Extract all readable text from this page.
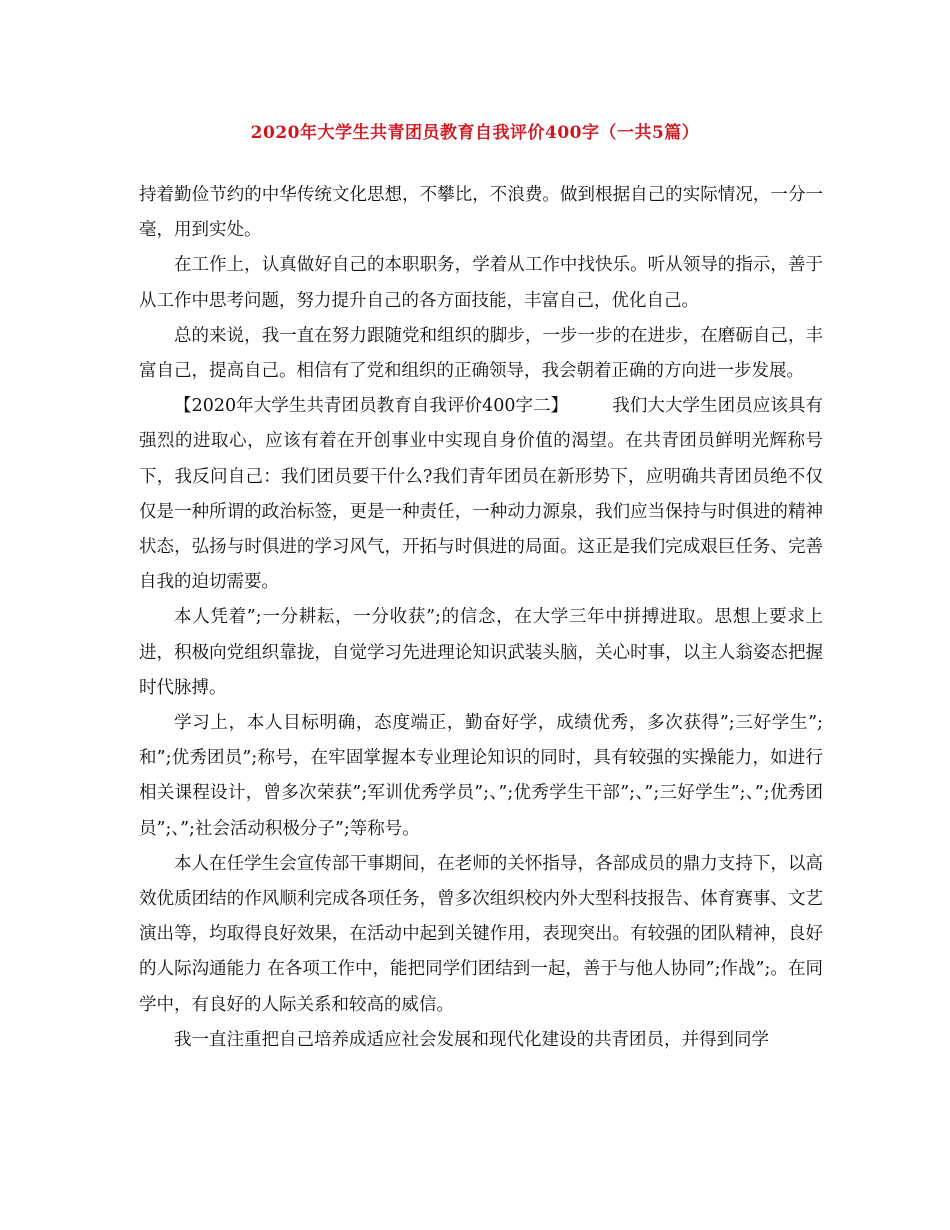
2020年大学生共青团员教育自我评价400字（一共5篇）

持着勤俭节约的中华传统文化思想，不攀比，不浪费。做到根据自己的实际情况，一分一毫，用到实处。

在工作上，认真做好自己的本职职务，学着从工作中找快乐。听从领导的指示，善于从工作中思考问题，努力提升自己的各方面技能，丰富自己，优化自己。

总的来说，我一直在努力跟随党和组织的脚步，一步一步的在进步，在磨砺自己，丰富自己，提高自己。相信有了党和组织的正确领导，我会朝着正确的方向进一步发展。

【2020年大学生共青团员教育自我评价400字二】	我们大大学生团员应该具有强烈的进取心，应该有着在开创事业中实现自身价值的渴望。在共青团员鲜明光辉称号下，我反问自己：我们团员要干什么?我们青年团员在新形势下，应明确共青团员绝不仅仅是一种所谓的政治标签，更是一种责任，一种动力源泉，我们应当保持与时俱进的精神状态，弘扬与时俱进的学习风气，开拓与时俱进的局面。这正是我们完成艰巨任务、完善自我的迫切需要。

本人凭着”;一分耕耘，一分收获”;的信念，在大学三年中拼搏进取。思想上要求上进，积极向党组织靠拢，自觉学习先进理论知识武装头脑，关心时事，以主人翁姿态把握时代脉搏。

学习上，本人目标明确，态度端正，勤奋好学，成绩优秀，多次获得”;三好学生”;和”;优秀团员”;称号，在牢固掌握本专业理论知识的同时，具有较强的实操能力，如进行相关课程设计，曾多次荣获”;军训优秀学员”;、”;优秀学生干部”;、”;三好学生”;、”;优秀团员”;、”;社会活动积极分子”;等称号。

本人在任学生会宣传部干事期间，在老师的关怀指导，各部成员的鼎力支持下，以高效优质团结的作风顺利完成各项任务，曾多次组织校内外大型科技报告、体育赛事、文艺演出等，均取得良好效果，在活动中起到关键作用，表现突出。有较强的团队精神，良好的人际沟通能力 在各项工作中，能把同学们团结到一起，善于与他人协同”;作战”;。在同学中，有良好的人际关系和较高的威信。

我一直注重把自己培养成适应社会发展和现代化建设的共青团员，并得到同学
